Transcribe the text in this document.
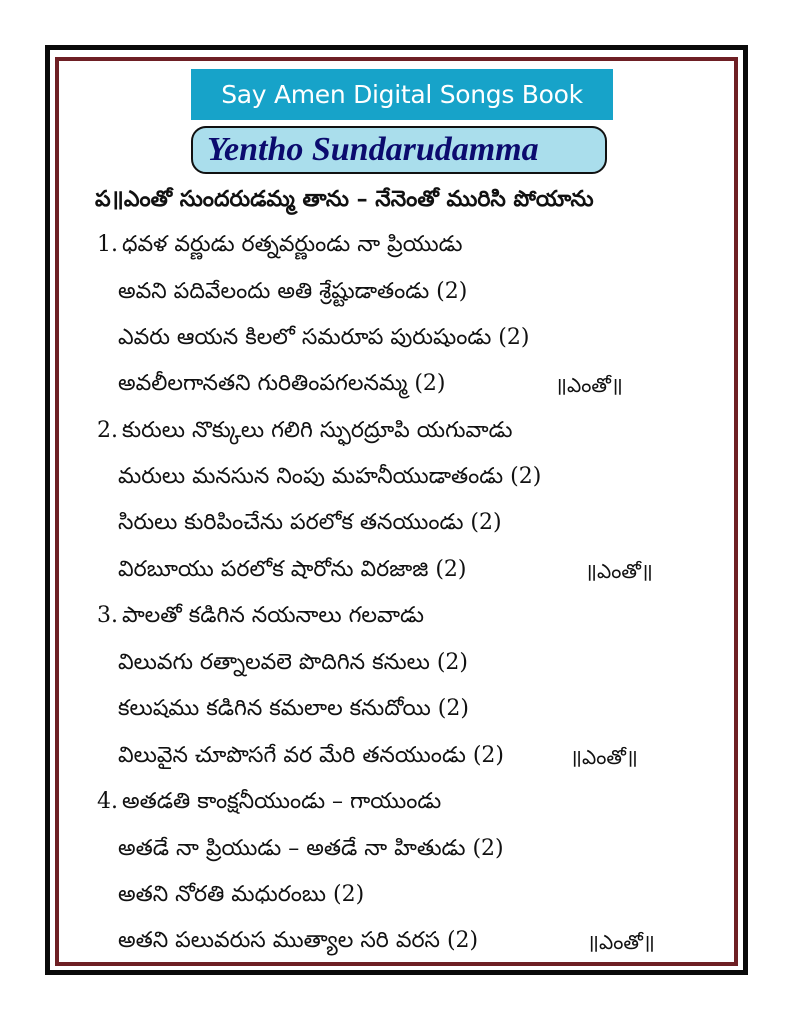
Say Amen Digital Songs Book
Yentho Sundarudamma
ప॥ఎంతో సుందరుడమ్మ తాను – నేనెంతో మురిసి పోయాను
1. ధవళ వర్ణుడు రత్నవర్ణుండు నా ప్రియుడు
అవని పదివేలందు అతి శ్రేష్టుడాతండు (2)
ఎవరు ఆయన కిలలో సమరూప పురుషుండు (2)
అవలీలగానతని గురితింపగలనమ్మ (2)	॥ఎంతో॥
2. కురులు నొక్కులు గలిగి స్ఫురద్రూపి యగువాడు
మరులు మనసున నింపు మహనీయుడాతండు (2)
సిరులు కురిపించేను పరలోక తనయుండు (2)
విరబూయు పరలోక షారోను విరజాజి (2)	॥ఎంతో॥
3. పాలతో కడిగిన నయనాలు గలవాడు
విలువగు రత్నాలవలె పొదిగిన కనులు (2)
కలుషము కడిగిన కమలాల కనుదోయి (2)
విలువైన చూపొసగే వర మేరి తనయుండు (2)	॥ఎంతో॥
4. అతడతి కాంక్షనీయుండు – గాయుండు
అతడే నా ప్రియుడు – అతడే నా హితుడు (2)
అతని నోరతి మధురంబు (2)
అతని పలువరుస ముత్యాల సరి వరస (2)	॥ఎంతో॥
